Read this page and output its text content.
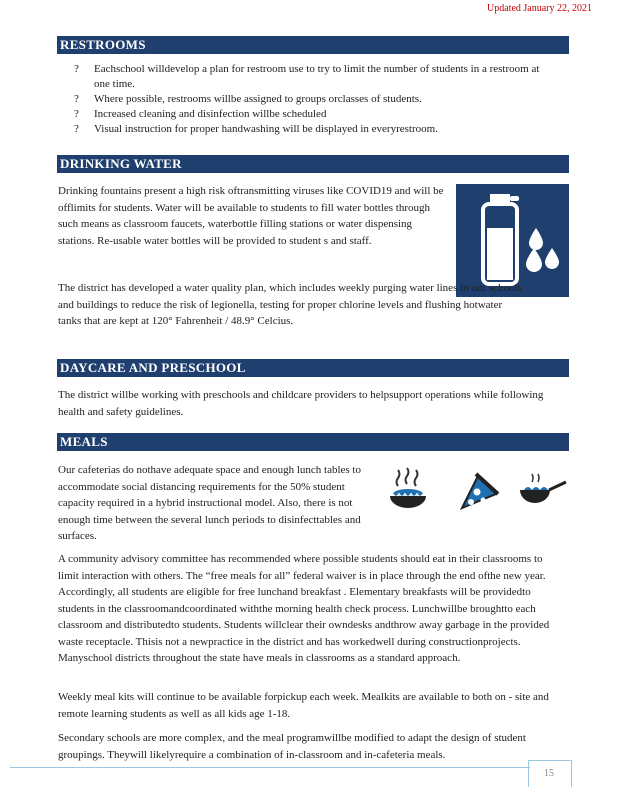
Updated January 22, 2021
RESTROOMS
? Eachschool willdevelop a plan for restroom use to try to limit the number of students in a restroom at one time.
? Where possible, restrooms willbe assigned to groups orclasses of students.
? Increased cleaning and disinfection willbe scheduled
? Visual instruction for proper handwashing will be displayed in everyrestroom.
DRINKING WATER

Drinking fountains present a high risk oftransmitting viruses like COVID19 and will be offlimits for students. Water will be available to students to fill water bottles through such means as classroom faucets, waterbottle filling stations or water dispensing stations. Re-usable water bottles will be provided to student s and staff.

The district has developed a water quality plan, which includes weekly purging water lines in our schools and buildings to reduce the risk of legionella, testing for proper chlorine levels and flushing hotwater tanks that are kept at 120° Fahrenheit / 48.9° Celcius.

DAYCARE AND PRESCHOOL

The district willbe working with preschools and childcare providers to helpsupport operations while following health and safety guidelines.

MEALS

Our cafeterias do nothave adequate space and enough lunch tables to accommodate social distancing requirements for the 50% student capacity required in a hybrid instructional model. Also, there is not enough time between the several lunch periods to disinfecttables and surfaces.

A community advisory committee has recommended where possible students should eat in their classrooms to limit interaction with others. The “free meals for all” federal waiver is in place through the end ofthe new year. Accordingly, all students are eligible for free lunchand breakfast . Elementary breakfasts will be providedto students in the classroomandcoordinated withthe morning health check process. Lunchwillbe broughtto each classroom and distributedto students. Students willclear their owndesks andthrow away garbage in the provided waste receptacle. Thisis not a newpractice in the district and has workedwell during constructionprojects. Manyschool districts throughout the state have meals in classrooms as a standard approach.

Weekly meal kits will continue to be available forpickup each week. Mealkits are available to both on - site and remote learning students as well as all kids age 1-18.

Secondary schools are more complex, and the meal programwillbe modified to adapt the design of student groupings. Theywill likelyrequire a combination of in-classroom and in-cafeteria meals.

15
